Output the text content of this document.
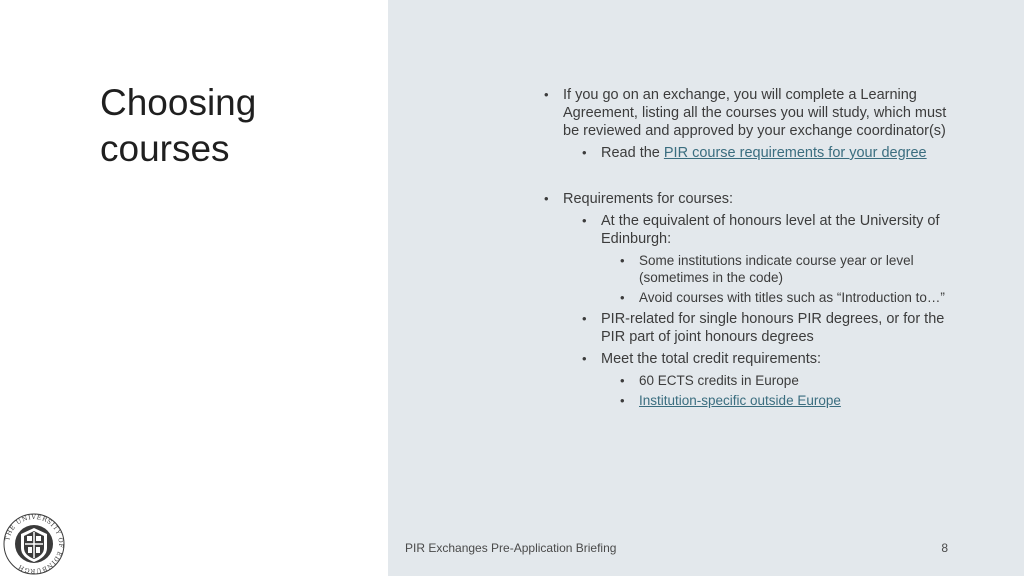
Choosing courses
• If you go on an exchange, you will complete a Learning Agreement, listing all the courses you will study, which must be reviewed and approved by your exchange coordinator(s)
• Read the PIR course requirements for your degree
• Requirements for courses:
• At the equivalent of honours level at the University of Edinburgh:
• Some institutions indicate course year or level (sometimes in the code)
• Avoid courses with titles such as “Introduction to…”
• PIR-related for single honours PIR degrees, or for the PIR part of joint honours degrees
• Meet the total credit requirements:
• 60 ECTS credits in Europe
• Institution-specific outside Europe
PIR Exchanges Pre-Application Briefing	8
THE UNIVERSITY OF EDINBURGH
